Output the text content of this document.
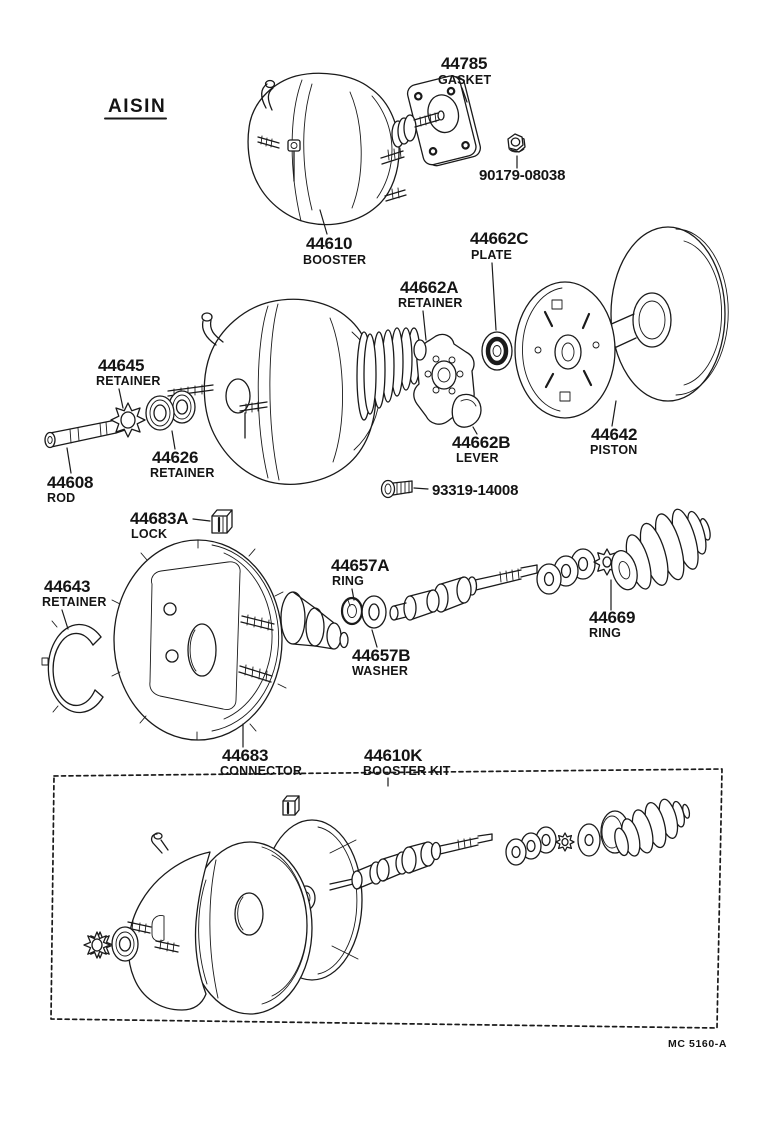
AISIN
44785
GASKET
90179-08038
44610
BOOSTER
44662C
PLATE
44662A
RETAINER
44645
RETAINER
44626
RETAINER
44608
ROD
44662B
LEVER
44642
PISTON
93319-14008
44683A
LOCK
44657A
RING
44643
RETAINER
44657B
WASHER
44669
RING
44683
CONNECTOR
44610K
BOOSTER KIT
MC 5160-A
